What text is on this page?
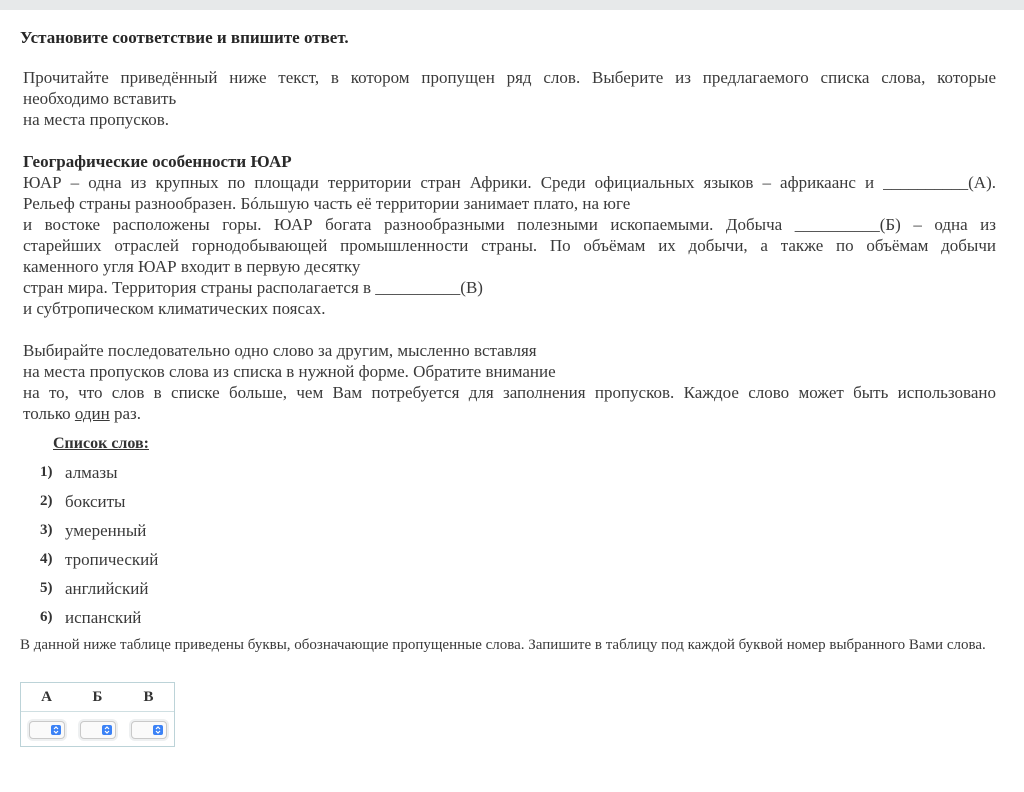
Установите соответствие и впишите ответ.
Прочитайте приведённый ниже текст, в котором пропущен ряд слов. Выберите из предлагаемого списка слова, которые
необходимо вставить
на места пропусков.
Географические особенности ЮАР
ЮАР – одна из крупных по площади территории стран Африки. Среди официальных языков – африкаанс и __________(А).
Рельеф страны разнообразен. Бóльшую часть её территории занимает плато, на юге
и востоке расположены горы. ЮАР богата разнообразными полезными ископаемыми. Добыча __________(Б) – одна из
старейших отраслей горнодобывающей промышленности страны. По объёмам их добычи, а также по объёмам добычи
каменного угля ЮАР входит в первую десятку
стран мира. Территория страны располагается в __________(В)
и субтропическом климатических поясах.
Выбирайте последовательно одно слово за другим, мысленно вставляя
на места пропусков слова из списка в нужной форме. Обратите внимание
на то, что слов в списке больше, чем Вам потребуется для заполнения пропусков. Каждое слово может быть использовано
только один раз.
Список слов:
1) алмазы
2) бокситы
3) умеренный
4) тропический
5) английский
6) испанский
В данной ниже таблице приведены буквы, обозначающие пропущенные слова. Запишите в таблицу под каждой буквой номер выбранного Вами слова.
А	Б	В
